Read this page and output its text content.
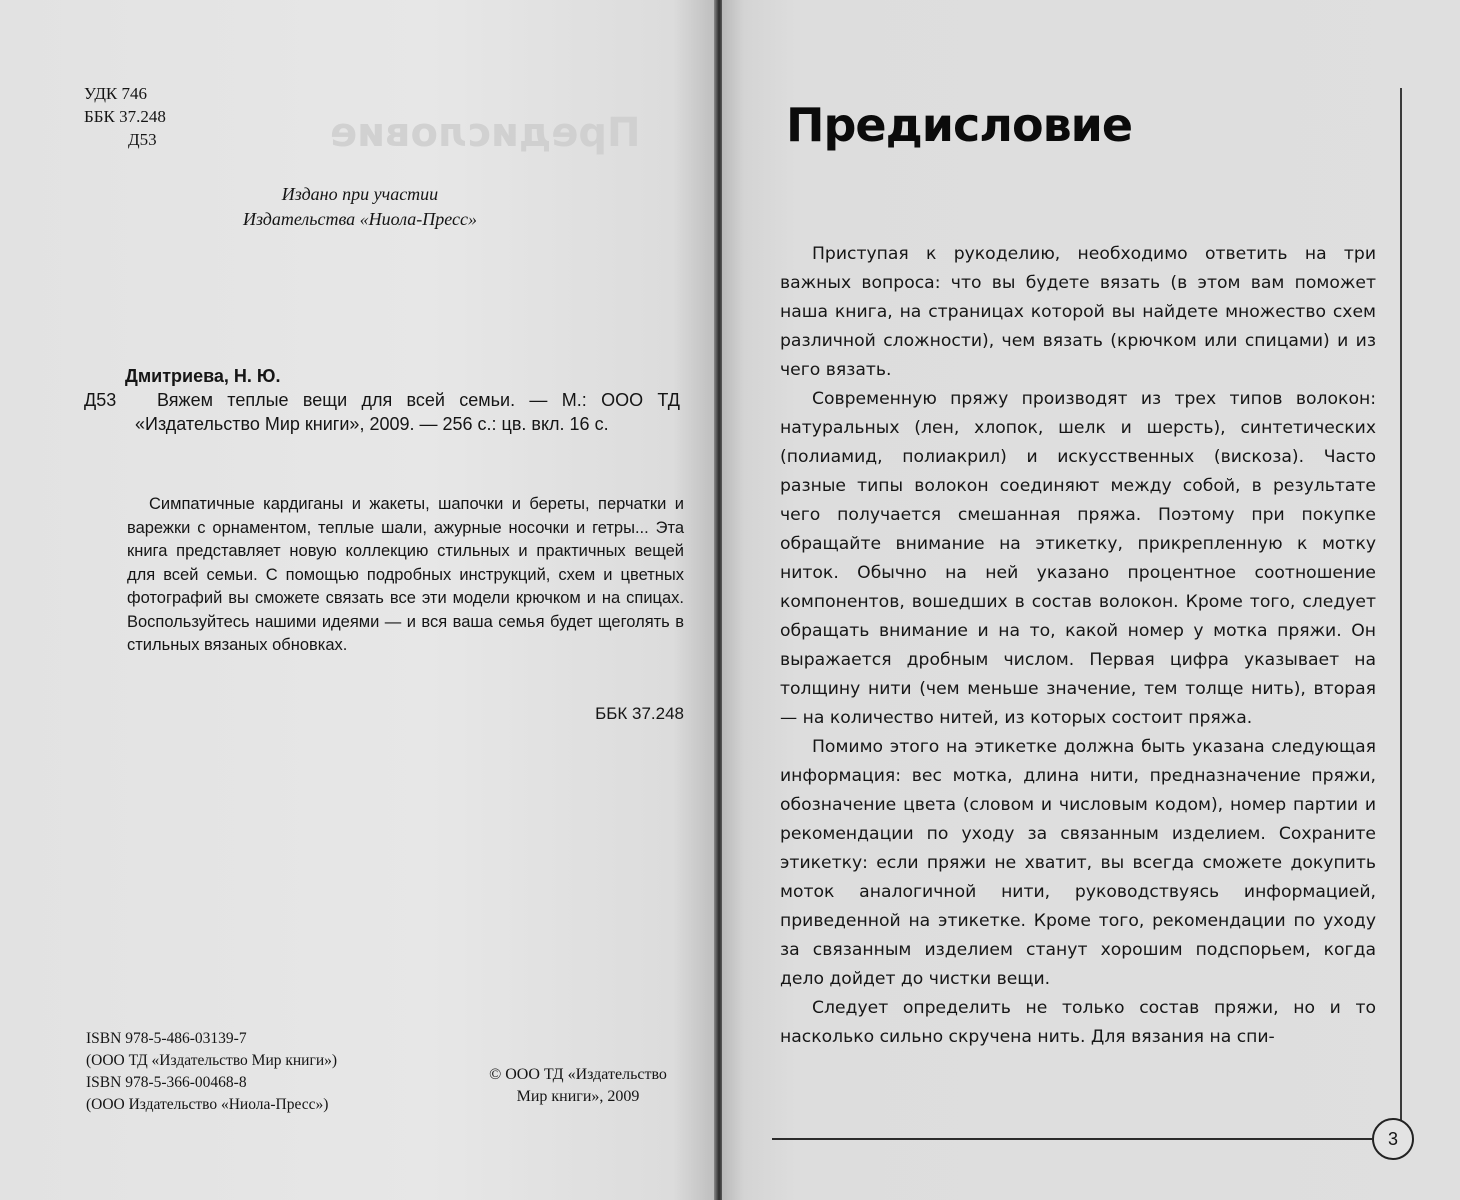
Предисловие
УДК 746
ББК 37.248
Д53
Издано при участии
Издательства «Ниола-Пресс»
Дмитриева, Н. Ю.
Д53	Вяжем теплые вещи для всей семьи. — М.: ООО ТД «Издательство Мир книги», 2009. — 256 с.: цв. вкл. 16 с.

Симпатичные кардиганы и жакеты, шапочки и береты, перчатки и варежки с орнаментом, теплые шали, ажурные носочки и гетры... Эта книга представляет новую коллекцию стильных и практичных вещей для всей семьи. С помощью подробных инструкций, схем и цветных фотографий вы сможете связать все эти модели крючком и на спицах. Воспользуйтесь нашими идеями — и вся ваша семья будет щеголять в стильных вязаных обновках.

ББК 37.248
ISBN 978-5-486-03139-7
(ООО ТД «Издательство Мир книги»)
ISBN 978-5-366-00468-8
(ООО Издательство «Ниола-Пресс»)
© ООО ТД «Издательство
Мир книги», 2009
Предисловие

Приступая к рукоделию, необходимо ответить на три важных вопроса: что вы будете вязать (в этом вам поможет наша книга, на страницах которой вы найдете множество схем различной сложности), чем вязать (крючком или спицами) и из чего вязать.

Современную пряжу производят из трех типов волокон: натуральных (лен, хлопок, шелк и шерсть), синтетических (полиамид, полиакрил) и искусственных (вискоза). Часто разные типы волокон соединяют между собой, в результате чего получается смешанная пряжа. Поэтому при покупке обращайте внимание на этикетку, прикрепленную к мотку ниток. Обычно на ней указано процентное соотношение компонентов, вошедших в состав волокон. Кроме того, следует обращать внимание и на то, какой номер у мотка пряжи. Он выражается дробным числом. Первая цифра указывает на толщину нити (чем меньше значение, тем толще нить), вторая — на количество нитей, из которых состоит пряжа.

Помимо этого на этикетке должна быть указана следующая информация: вес мотка, длина нити, предназначение пряжи, обозначение цвета (словом и числовым кодом), номер партии и рекомендации по уходу за связанным изделием. Сохраните этикетку: если пряжи не хватит, вы всегда сможете докупить моток аналогичной нити, руководствуясь информацией, приведенной на этикетке. Кроме того, рекомендации по уходу за связанным изделием станут хорошим подспорьем, когда дело дойдет до чистки вещи.

Следует определить не только состав пряжи, но и то насколько сильно скручена нить. Для вязания на спи-

3
